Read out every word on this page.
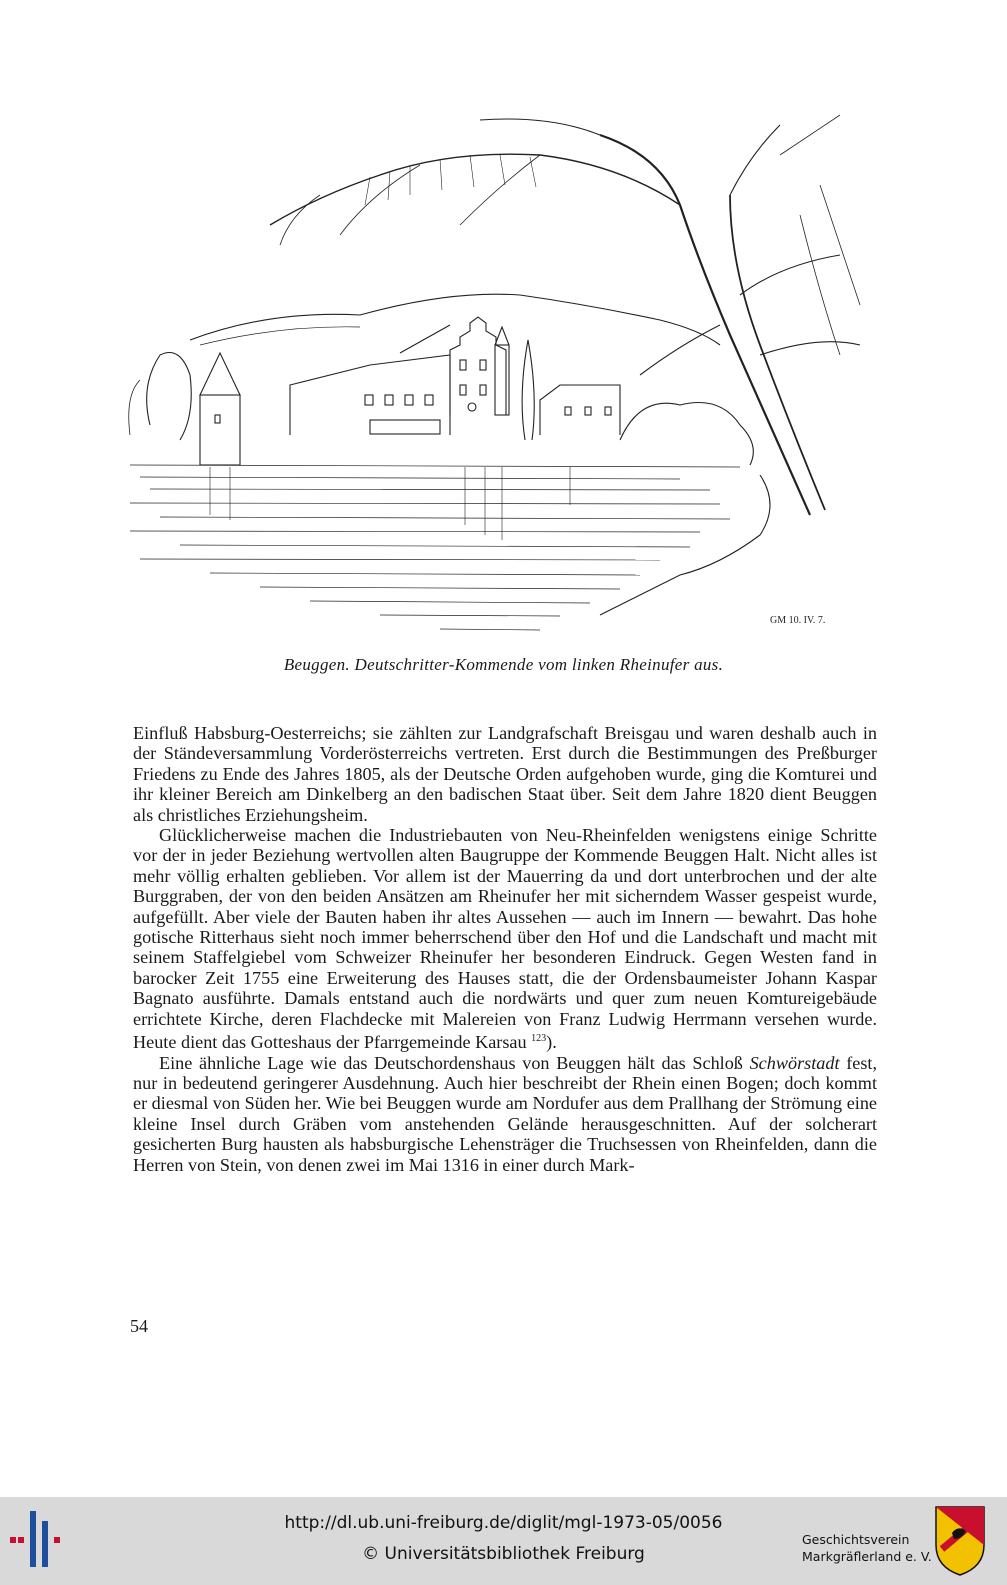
GM 10. IV. 7.
Beuggen. Deutschritter-Kommende vom linken Rheinufer aus.

Einfluß Habsburg-Oesterreichs; sie zählten zur Landgrafschaft Breisgau und waren deshalb auch in der Ständeversammlung Vorderösterreichs vertreten. Erst durch die Bestimmungen des Preßburger Friedens zu Ende des Jahres 1805, als der Deutsche Orden aufgehoben wurde, ging die Komturei und ihr kleiner Bereich am Dinkelberg an den badischen Staat über. Seit dem Jahre 1820 dient Beuggen als christliches Erziehungsheim.

Glücklicherweise machen die Industriebauten von Neu-Rheinfelden wenigstens einige Schritte vor der in jeder Beziehung wertvollen alten Baugruppe der Kommende Beuggen Halt. Nicht alles ist mehr völlig erhalten geblieben. Vor allem ist der Mauerring da und dort unterbrochen und der alte Burggraben, der von den beiden Ansätzen am Rheinufer her mit sicherndem Wasser gespeist wurde, aufgefüllt. Aber viele der Bauten haben ihr altes Aussehen — auch im Innern — bewahrt. Das hohe gotische Ritterhaus sieht noch immer beherrschend über den Hof und die Landschaft und macht mit seinem Staffelgiebel vom Schweizer Rheinufer her besonderen Eindruck. Gegen Westen fand in barocker Zeit 1755 eine Erweiterung des Hauses statt, die der Ordensbaumeister Johann Kaspar Bagnato ausführte. Damals entstand auch die nordwärts und quer zum neuen Komtureigebäude errichtete Kirche, deren Flachdecke mit Malereien von Franz Ludwig Herrmann versehen wurde. Heute dient das Gotteshaus der Pfarrgemeinde Karsau $^{123}$).

Eine ähnliche Lage wie das Deutschordenshaus von Beuggen hält das Schloß Schwörstadt fest, nur in bedeutend geringerer Ausdehnung. Auch hier beschreibt der Rhein einen Bogen; doch kommt er diesmal von Süden her. Wie bei Beuggen wurde am Nordufer aus dem Prallhang der Strömung eine kleine Insel durch Gräben vom anstehenden Gelände herausgeschnitten. Auf der solcherart gesicherten Burg hausten als habsburgische Lehensträger die Truchsessen von Rheinfelden, dann die Herren von Stein, von denen zwei im Mai 1316 in einer durch Mark-

54
http://dl.ub.uni-freiburg.de/diglit/mgl-1973-05/0056
© Universitätsbibliothek Freiburg
Geschichtsverein
Markgräflerland e. V.
